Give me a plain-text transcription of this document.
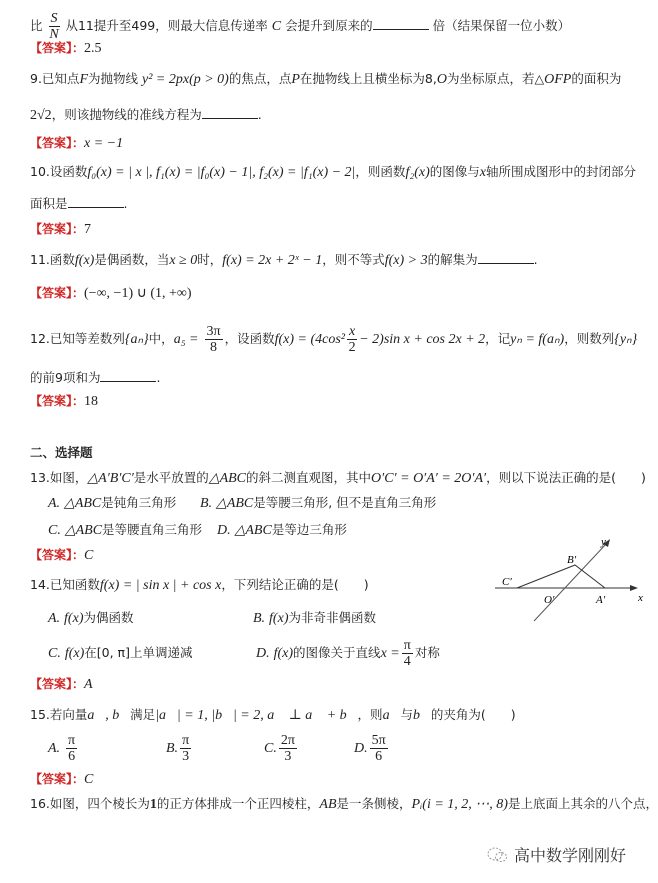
比 $\frac{S}{N}$ 从11提升至499，则最大信息传递率 C 会提升到原来的	倍（结果保留一位小数）
【答案】：2.5
9.已知点F为抛物线 y² = 2px(p > 0)的焦点，点P在抛物线上且横坐标为8,O为坐标原点，若△OFP的面积为
2√2，则该抛物线的准线方程为	.
【答案】：x = −1
10.设函数f₀(x) = | x |, f₁(x) = |f₀(x) − 1|, f₂(x) = |f₁(x) − 2|，则函数f₂(x)的图像与x轴所围成图形中的封闭部分
面积是	.
【答案】：7
11.函数f(x)是偶函数，当x ≥ 0时，f(x) = 2x + 2ˣ − 1，则不等式f(x) > 3的解集为	.
【答案】：(−∞, −1) ∪ (1, +∞)
12.已知等差数列{aₙ}中，$a_5 = \frac{3\pi}{8}$ ，设函数$f(x) = (4\cos^2 \frac{x}{2} - 2)\sin$ x + cos 2x + 2，记yₙ = f(aₙ)，则数列{yₙ}
的前9项和为	.
【答案】：18
二、选择题
13.如图，△A′B′C′是水平放置的△ABC的斜二测直观图，其中O′C′ = O′A′ = 2O′A′，则以下说法正确的是(　　)
A. △ABC是钝角三角形 B. △ABC是等腰三角形, 但不是直角三角形
C. △ABC是等腰直角三角形 D. △ABC是等边三角形
【答案】：C
y
x
B′
C′
O′	A′
14.已知函数f(x) = | sin x | + cos x，下列结论正确的是(　　)
A. f(x)为偶函数	B. f(x)为非奇非偶函数
C. f(x)在[0, π]上单调递减	D. f(x)的图像关于直线$x = \frac{\pi}{4}$ 对称
【答案】：A
15.若向量a⃗, b⃗满足|a⃗| = 1, |b⃗| = 2, a⃗ ⊥ a⃗ + b⃗，则a⃗与b⃗的夹角为(　　)
A. $\frac{\pi}{6}$	B. $\frac{\pi}{3}$	C. $\frac{2\pi}{3}$	D. $\frac{5\pi}{6}$
【答案】：C
16.如图，四个棱长为1的正方体排成一个正四棱柱，AB是一条侧棱，Pᵢ(i = 1, 2, ⋯, 8)是上底面上其余的八个点，
高中数学刚刚好
